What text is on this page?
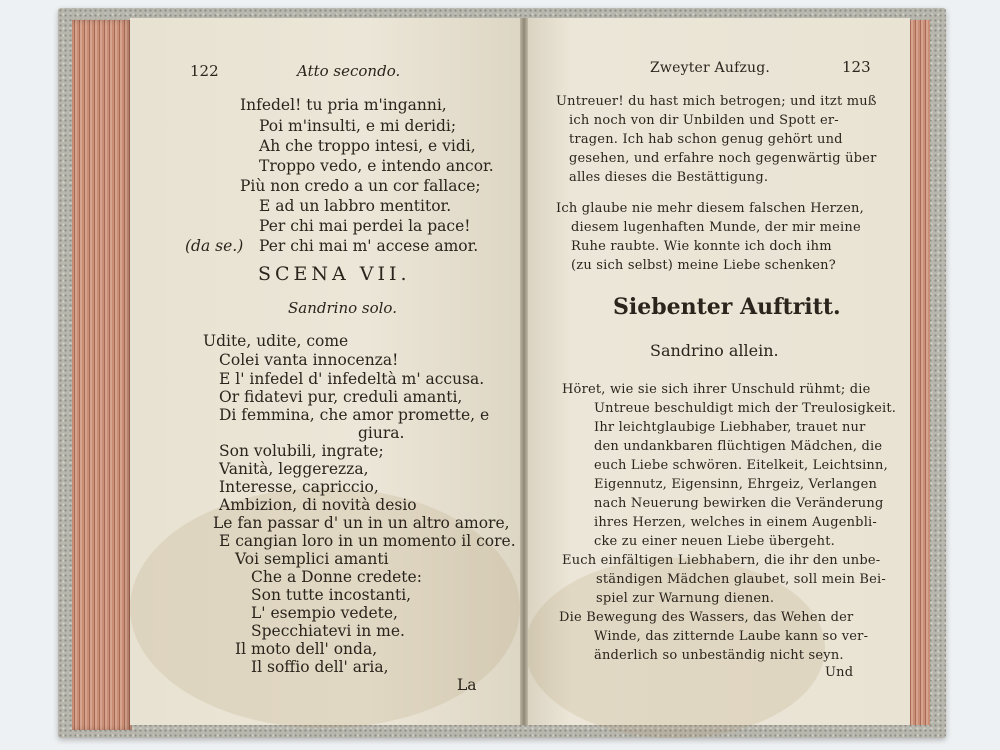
122	Atto secondo.
Infedel! tu pria m'inganni,
Poi m'insulti, e mi deridi;
Ah che troppo intesi, e vidi,
Troppo vedo, e intendo ancor.
Più non credo a un cor fallace;
E ad un labbro mentitor.
Per chi mai perdei la pace!
Per chi mai m' accese amor.
(da se.)
SCENA VII.
Sandrino solo.
Udite, udite, come
Colei vanta innocenza!
E l' infedel d' infedeltà m' accusa.
Or fidatevi pur, creduli amanti,
Di femmina, che amor promette, e
giura.
Son volubili, ingrate;
Vanità, leggerezza,
Interesse, capriccio,
Ambizion, di novità desio
Le fan passar d' un in un altro amore,
E cangian loro in un momento il core.
Voi semplici amanti
Che a Donne credete:
Son tutte incostanti,
L' esempio vedete,
Specchiatevi in me.
Il moto dell' onda,
Il soffio dell' aria,
La
Zweyter Aufzug.	123
Untreuer! du hast mich betrogen; und itzt muß
ich noch von dir Unbilden und Spott er-
tragen. Ich hab schon genug gehört und
gesehen, und erfahre noch gegenwärtig über
alles dieses die Bestättigung.
Ich glaube nie mehr diesem falschen Herzen,
diesem lugenhaften Munde, der mir meine
Ruhe raubte. Wie konnte ich doch ihm
(zu sich selbst) meine Liebe schenken?
Siebenter Auftritt.
Sandrino allein.
Höret, wie sie sich ihrer Unschuld rühmt; die
Untreue beschuldigt mich der Treulosigkeit.
Ihr leichtglaubige Liebhaber, trauet nur
den undankbaren flüchtigen Mädchen, die
euch Liebe schwören. Eitelkeit, Leichtsinn,
Eigennutz, Eigensinn, Ehrgeiz, Verlangen
nach Neuerung bewirken die Veränderung
ihres Herzen, welches in einem Augenbli-
cke zu einer neuen Liebe übergeht.
Euch einfältigen Liebhabern, die ihr den unbe-
ständigen Mädchen glaubet, soll mein Bei-
spiel zur Warnung dienen.
Die Bewegung des Wassers, das Wehen der
Winde, das zitternde Laube kann so ver-
änderlich so unbeständig nicht seyn.
Und
